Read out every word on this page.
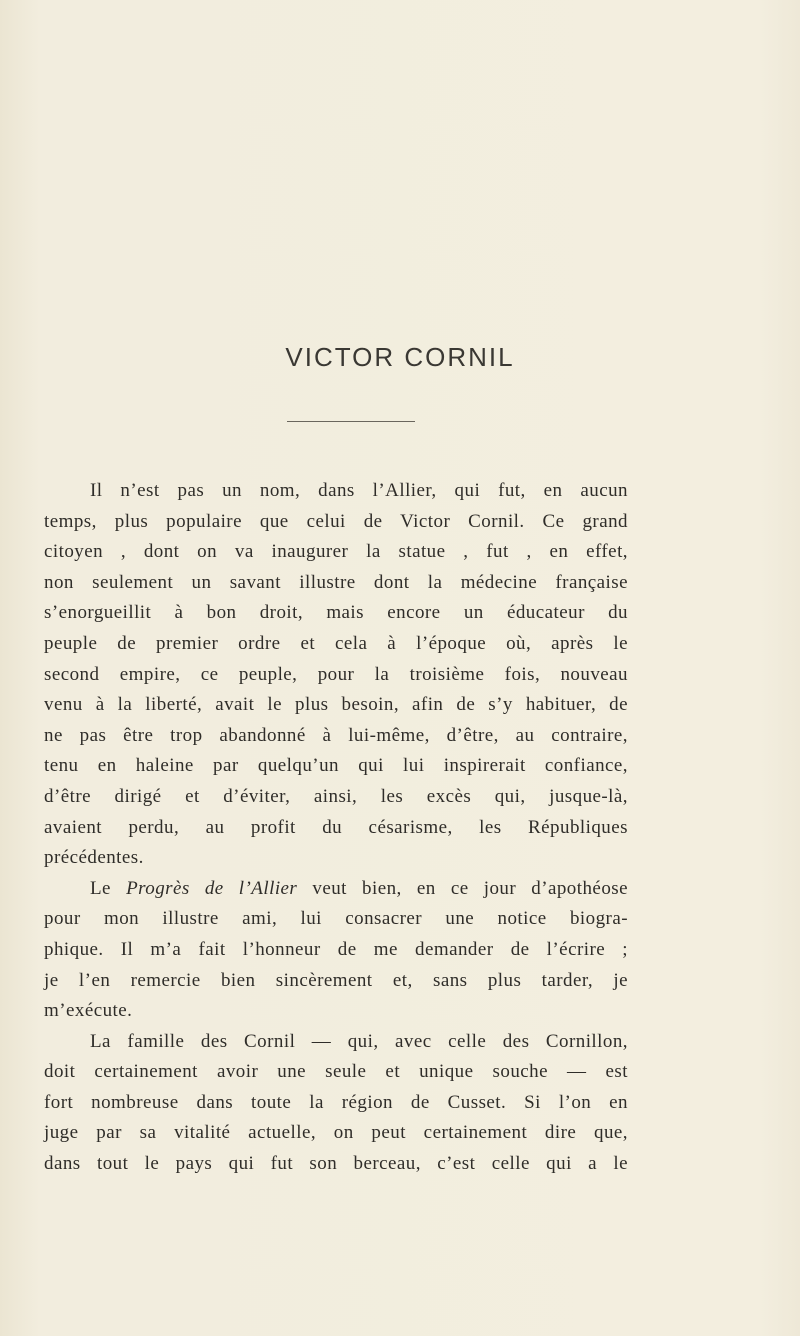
VICTOR CORNIL

Il n’est pas un nom, dans l’Allier, qui fut, en aucun
temps, plus populaire que celui de Victor Cornil. Ce grand
citoyen , dont on va inaugurer la statue , fut , en effet,
non seulement un savant illustre dont la médecine française
s’enorgueillit à bon droit, mais encore un éducateur du
peuple de premier ordre et cela à l’époque où, après le
second empire, ce peuple, pour la troisième fois, nouveau
venu à la liberté, avait le plus besoin, afin de s’y habituer, de
ne pas être trop abandonné à lui-même, d’être, au contraire,
tenu en haleine par quelqu’un qui lui inspirerait confiance,
d’être dirigé et d’éviter, ainsi, les excès qui, jusque-là,
avaient perdu, au profit du césarisme, les Républiques
précédentes.

Le Progrès de l’Allier veut bien, en ce jour d’apothéose
pour mon illustre ami, lui consacrer une notice biogra-
phique. Il m’a fait l’honneur de me demander de l’écrire ;
je l’en remercie bien sincèrement et, sans plus tarder, je
m’exécute.

La famille des Cornil — qui, avec celle des Cornillon,
doit certainement avoir une seule et unique souche — est
fort nombreuse dans toute la région de Cusset. Si l’on en
juge par sa vitalité actuelle, on peut certainement dire que,
dans tout le pays qui fut son berceau, c’est celle qui a le
